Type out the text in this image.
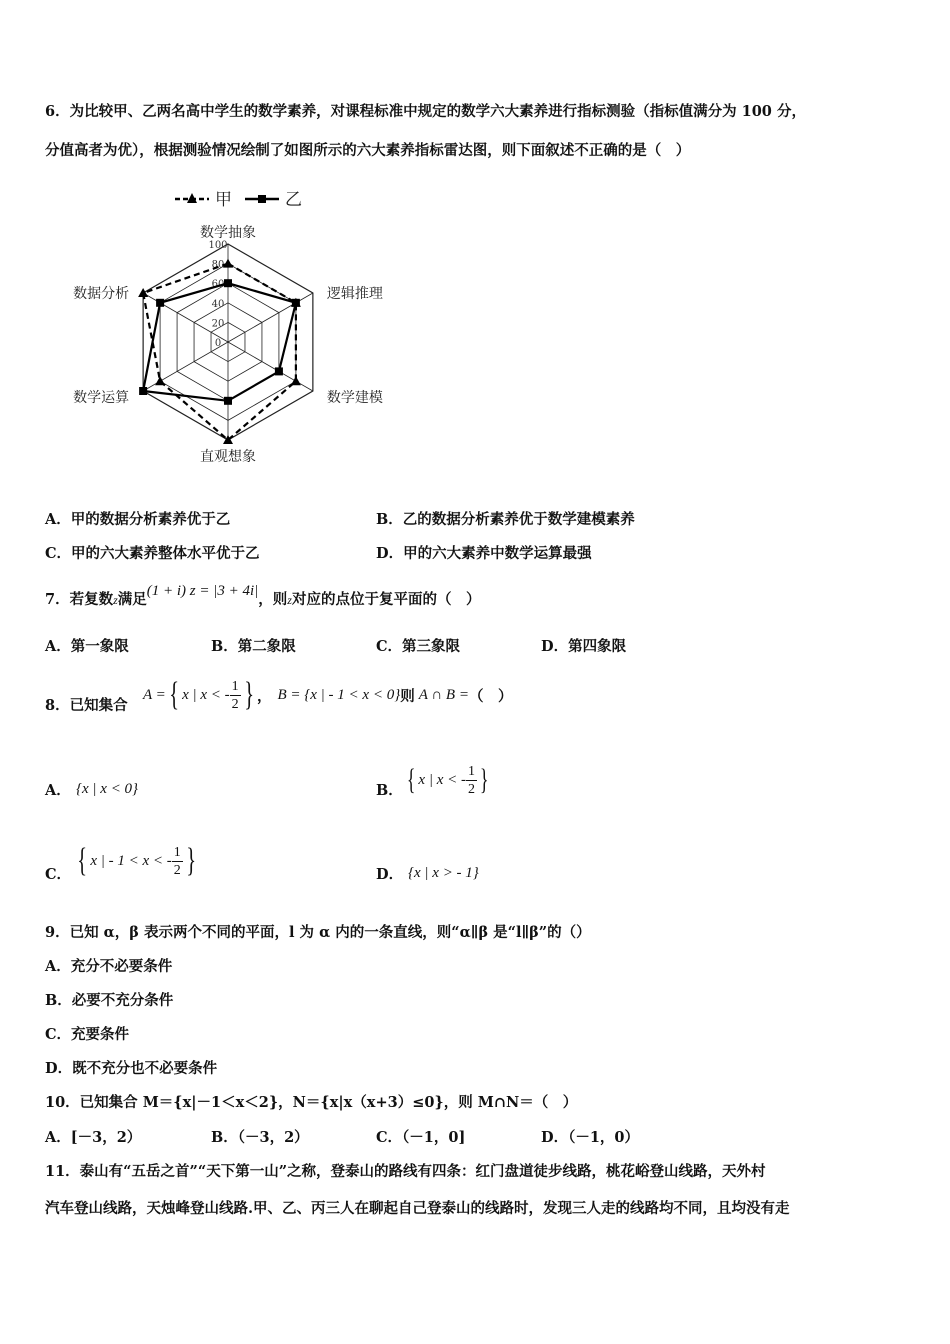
6．为比较甲、乙两名高中学生的数学素养，对课程标准中规定的数学六大素养进行指标测验（指标值满分为 100 分，
分值高者为优），根据测验情况绘制了如图所示的六大素养指标雷达图，则下面叙述不正确的是（　）
甲	乙
100
80
60
40
20
0
数学抽象
逻辑推理
数学建模
直观想象
数学运算
数据分析
A．甲的数据分析素养优于乙	B．乙的数据分析素养优于数学建模素养
C．甲的六大素养整体水平优于乙	D．甲的六大素养中数学运算最强
7．若复数z满足(1 + i) z = |3 + 4i|，则z对应的点位于复平面的（　）
A．第一象限	B．第二象限	C．第三象限	D．第四象限
8．已知集合
A = { x | x < - $\frac{1}{2}$ } ， B = {x | - 1 < x < 0} 则 A ∩ B = （　）
A． {x | x < 0}	B． { x | x < - $\frac{1}{2}$ }
C． { x | - 1 < x < - $\frac{1}{2}$ }	D． {x | x > - 1}
9．已知 α，β 表示两个不同的平面，l 为 α 内的一条直线，则“α∥β 是“l∥β”的（）
A．充分不必要条件
B．必要不充分条件
C．充要条件
D．既不充分也不必要条件
10．已知集合 M＝{x|－1＜x＜2}，N＝{x|x（x+3）≤0}，则 M∩N＝（　）
A．[－3，2）	B．（－3，2）	C．（－1，0]	D．（－1，0）
11．泰山有“五岳之首”“天下第一山”之称，登泰山的路线有四条：红门盘道徒步线路，桃花峪登山线路，天外村
汽车登山线路，天烛峰登山线路.甲、乙、丙三人在聊起自己登泰山的线路时，发现三人走的线路均不同，且均没有走
